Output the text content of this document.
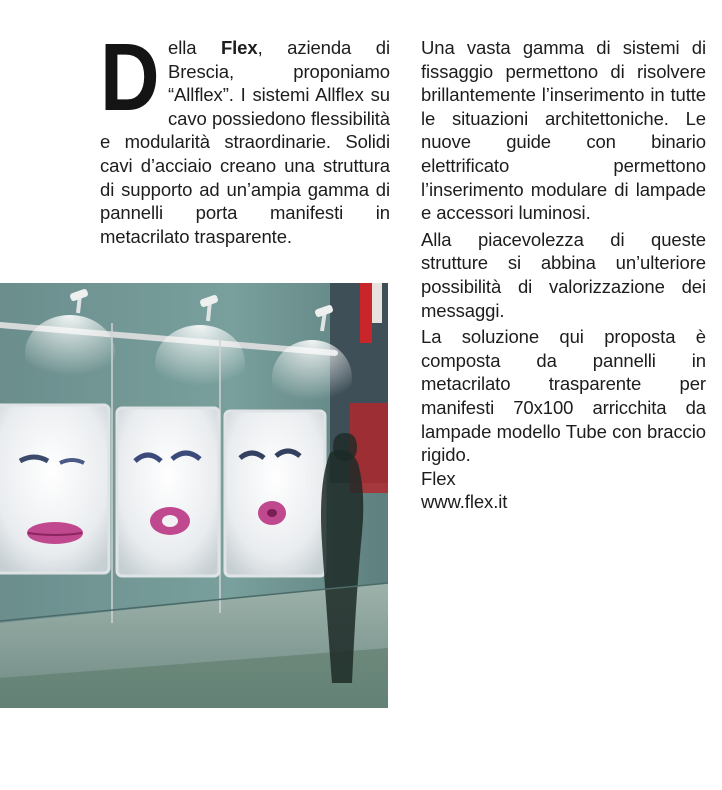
D ella Flex, azienda di Brescia, proponiamo “Allflex”. I sistemi Allflex su cavo possiedono flessibilità e modularità straordinarie. Solidi cavi d’acciaio creano una struttura di supporto ad un’ampia gamma di pannelli porta manifesti in metacrilato trasparente.

Una vasta gamma di sistemi di fissaggio permettono di risolvere brillantemente l’inserimento in tutte le situazioni architettoniche. Le nuove guide con binario elettrificato permettono l’inserimento modulare di lampade e accessori luminosi.

Alla piacevolezza di queste strutture si abbina un’ulteriore possibilità di valorizzazione dei messaggi.

La soluzione qui proposta è composta da pannelli in metacrilato trasparente per manifesti 70x100 arricchita da lampade modello Tube con braccio rigido.

Flex

www.flex.it
